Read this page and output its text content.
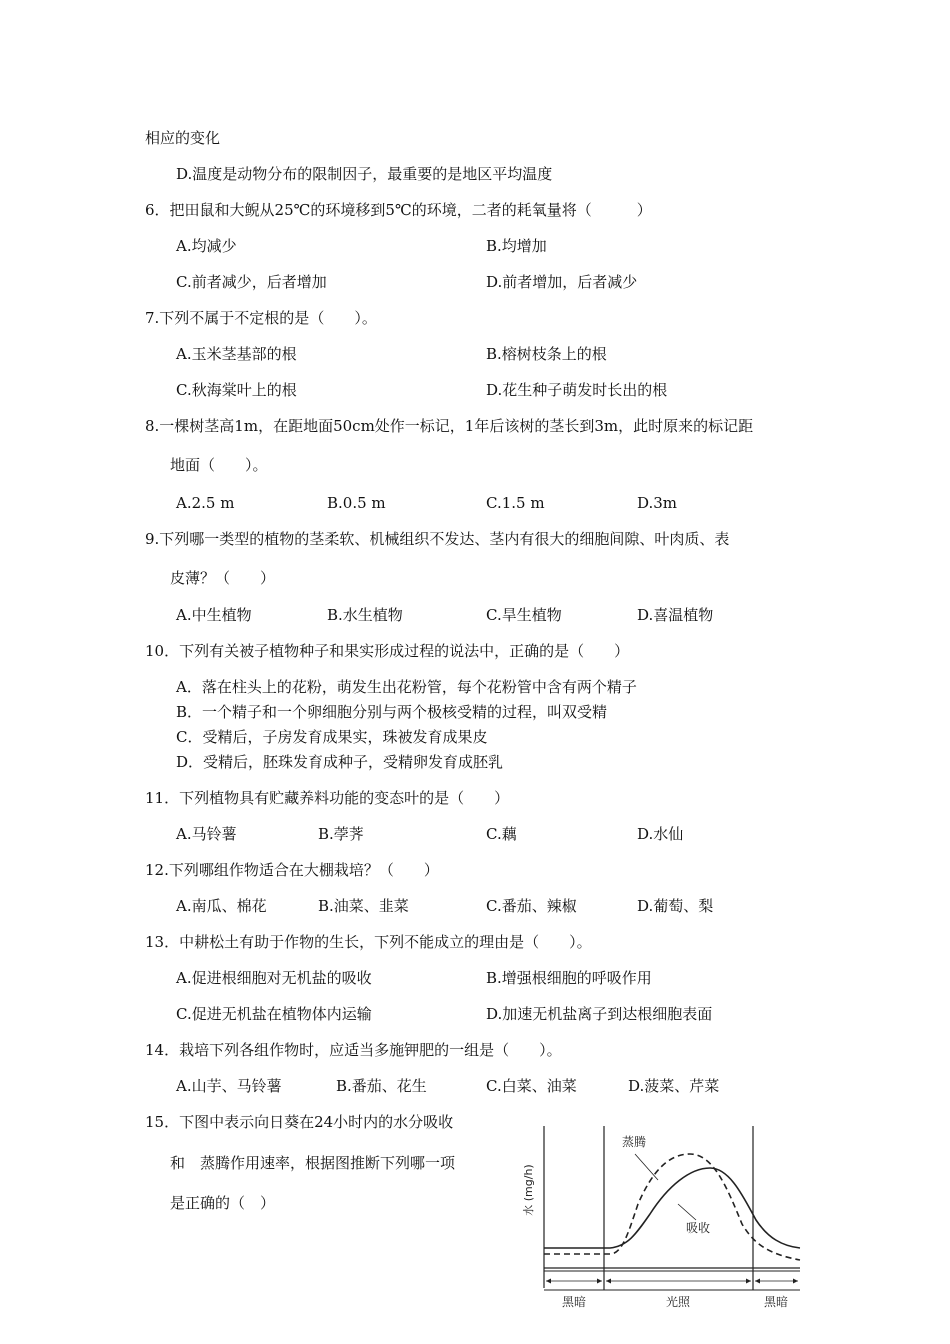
相应的变化
D.温度是动物分布的限制因子，最重要的是地区平均温度
6．把田鼠和大鲵从25℃的环境移到5℃的环境，二者的耗氧量将（　　　）
A.均减少	B.均增加
C.前者减少，后者增加	D.前者增加，后者减少
7.下列不属于不定根的是（　　）。
A.玉米茎基部的根	B.榕树枝条上的根
C.秋海棠叶上的根	D.花生种子萌发时长出的根
8.一棵树茎高1m，在距地面50cm处作一标记，1年后该树的茎长到3m，此时原来的标记距
地面（　　）。
A.2.5 m	B.0.5 m	C.1.5 m	D.3m
9.下列哪一类型的植物的茎柔软、机械组织不发达、茎内有很大的细胞间隙、叶肉质、表
皮薄？（　　）
A.中生植物	B.水生植物	C.旱生植物	D.喜温植物
10．下列有关被子植物种子和果实形成过程的说法中，正确的是（　　）
A．落在柱头上的花粉，萌发生出花粉管，每个花粉管中含有两个精子
B．一个精子和一个卵细胞分别与两个极核受精的过程，叫双受精
C．受精后，子房发育成果实，珠被发育成果皮
D．受精后，胚珠发育成种子，受精卵发育成胚乳
11．下列植物具有贮藏养料功能的变态叶的是（　　）
A.马铃薯	B.荸荠	C.藕	D.水仙
12.下列哪组作物适合在大棚栽培？（　　）
A.南瓜、棉花	B.油菜、韭菜	C.番茄、辣椒	D.葡萄、梨
13．中耕松土有助于作物的生长，下列不能成立的理由是（　　）。
A.促进根细胞对无机盐的吸收	B.增强根细胞的呼吸作用
C.促进无机盐在植物体内运输	D.加速无机盐离子到达根细胞表面
14．栽培下列各组作物时，应适当多施钾肥的一组是（　　）。
A.山芋、马铃薯	B.番茄、花生	C.白菜、油菜	D.菠菜、芹菜
15．下图中表示向日葵在24小时内的水分吸收
和　蒸腾作用速率，根据图推断下列哪一项
是正确的（　）	水 (mg/h)
蒸腾
吸收
黑暗	光照	黑暗
